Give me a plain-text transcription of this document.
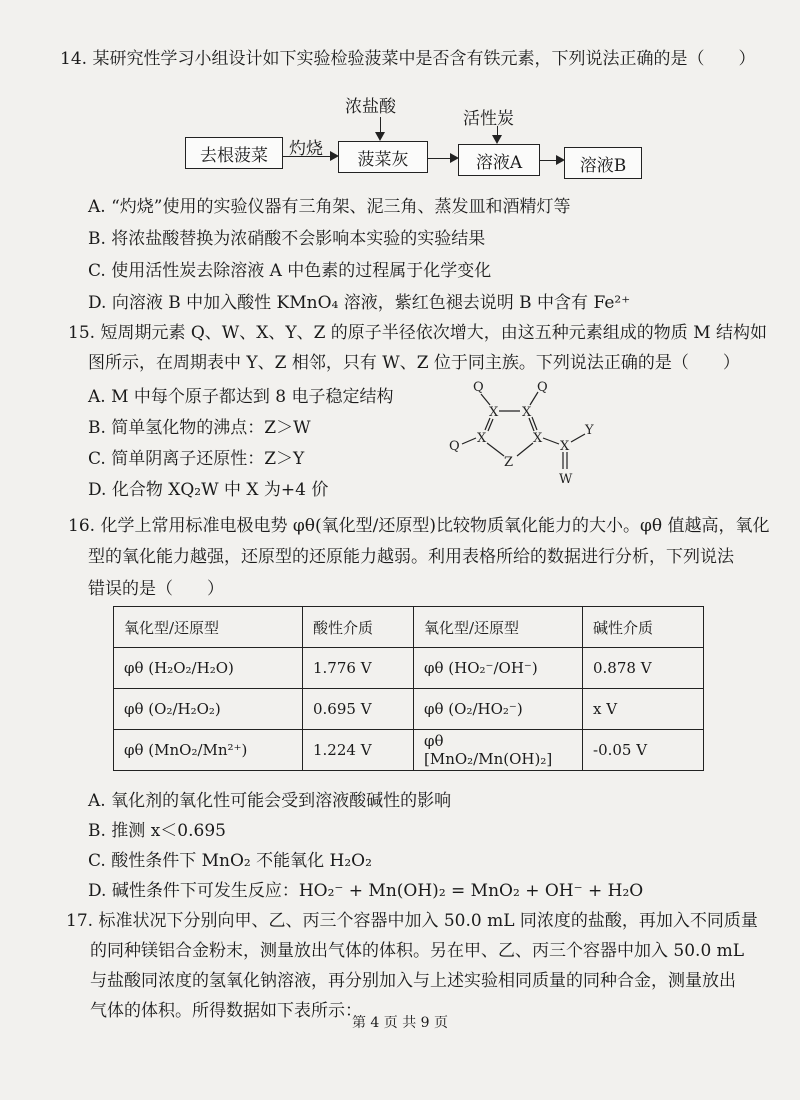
14. 某研究性学习小组设计如下实验检验菠菜中是否含有铁元素，下列说法正确的是（　　）
浓盐酸
活性炭
去根菠菜 灼烧
菠菜灰	溶液A	溶液B
A. “灼烧”使用的实验仪器有三角架、泥三角、蒸发皿和酒精灯等
B. 将浓盐酸替换为浓硝酸不会影响本实验的实验结果
C. 使用活性炭去除溶液 A 中色素的过程属于化学变化
D. 向溶液 B 中加入酸性 KMnO₄ 溶液，紫红色褪去说明 B 中含有 Fe²⁺
15. 短周期元素 Q、W、X、Y、Z 的原子半径依次增大，由这五种元素组成的物质 M 结构如
图所示，在周期表中 Y、Z 相邻，只有 W、Z 位于同主族。下列说法正确的是（　　）
A. M 中每个原子都达到 8 电子稳定结构
B. 简单氢化物的沸点：Z＞W
C. 简单阴离子还原性：Z＞Y
D. 化合物 XQ₂W 中 X 为+4 价
Q	Q
X X
Q
X	X
Z
X
Y
W
16. 化学上常用标准电极电势 φθ(氧化型/还原型)比较物质氧化能力的大小。φθ 值越高，氧化
型的氧化能力越强，还原型的还原能力越弱。利用表格所给的数据进行分析，下列说法
错误的是（　　）
氧化型/还原型	酸性介质	氧化型/还原型	碱性介质
φθ (H₂O₂/H₂O)	1.776 V	φθ (HO₂⁻/OH⁻)	0.878 V
φθ (O₂/H₂O₂)	0.695 V	φθ (O₂/HO₂⁻)	x V
φθ (MnO₂/Mn²⁺)	1.224 V	φθ [MnO₂/Mn(OH)₂]	-0.05 V
A. 氧化剂的氧化性可能会受到溶液酸碱性的影响
B. 推测 x＜0.695
C. 酸性条件下 MnO₂ 不能氧化 H₂O₂
D. 碱性条件下可发生反应：HO₂⁻ + Mn(OH)₂ = MnO₂ + OH⁻ + H₂O
17. 标准状况下分别向甲、乙、丙三个容器中加入 50.0 mL 同浓度的盐酸，再加入不同质量
的同种镁铝合金粉末，测量放出气体的体积。另在甲、乙、丙三个容器中加入 50.0 mL
与盐酸同浓度的氢氧化钠溶液，再分别加入与上述实验相同质量的同种合金，测量放出
气体的体积。所得数据如下表所示：
第 4 页 共 9 页
